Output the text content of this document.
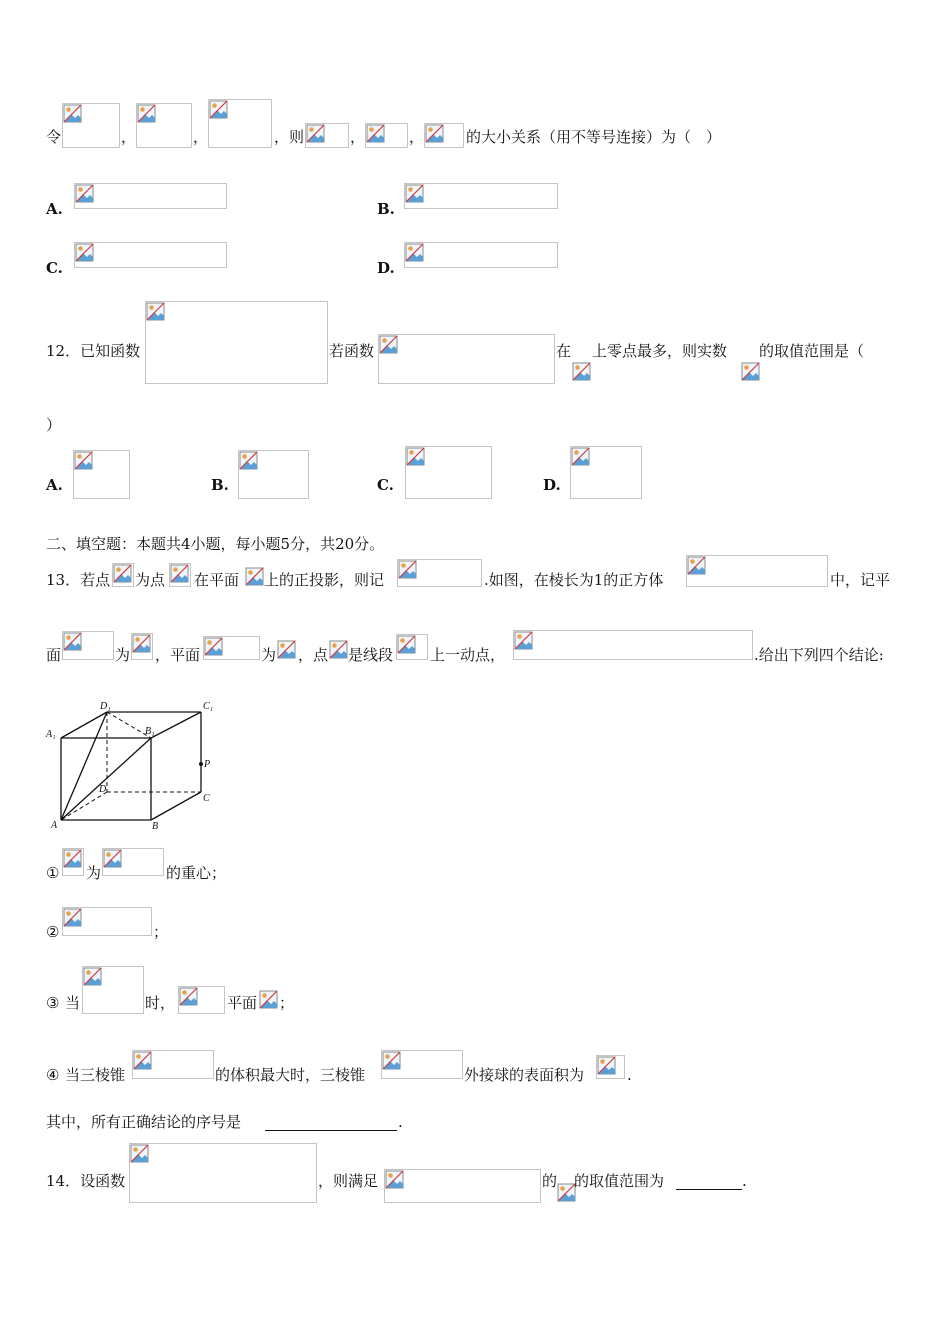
令	，	，	，则	，	，	的大小关系（用不等号连接）为（　）
A.	B.
C.	D.
12．已知函数	若函数	在 上零点最多，则实数 的取值范围是（
）
A.	B.	C.	D.
二、填空题：本题共4小题，每小题5分，共20分。
13．若点 为点 在平面 上的正投影，则记	.如图，在棱长为1的正方体	中，记平
面	为 ，平面	为 ，点 是线段 上一动点，	.给出下列四个结论:
D₁	C₁
A₁	B₁
P
D
C
A	B
① 为	的重心；
②	；
③ 当	时，	平面 ；
④ 当三棱锥	的体积最大时，三棱锥	外接球的表面积为	.
其中，所有正确结论的序号是	.
14．设函数	，则满足	的 的取值范围为	.
